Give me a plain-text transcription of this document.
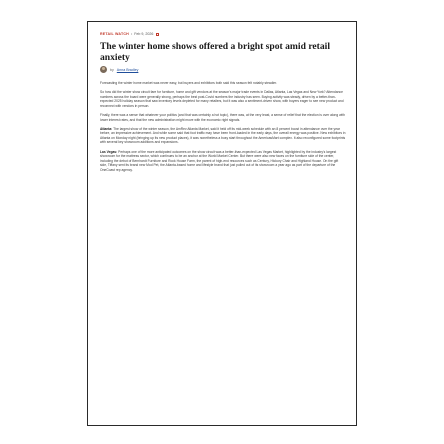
RETAIL WATCH • Feb 9, 2026
The winter home shows offered a bright spot amid retail anxiety
by Anna Bradley

Forecasting the winter home market was never easy, but buyers and exhibitors both said this season felt notably steadier.

So how did the winter show circuit fare for furniture, home and gift vendors at the season's major trade events in Dallas, Atlanta, Las Vegas and New York? Attendance numbers across the board were generally strong, perhaps the best post-Covid numbers the industry has seen. Buying activity was steady, driven by a better-than-expected 2025 holiday season that saw inventory levels depleted for many retailers, but it was also a sentiment-driven show, with buyers eager to see new product and reconnect with vendors in person.

Finally, there was a sense that whatever your politics (and that was certainly a hot topic), there was, at the very least, a sense of relief that the election is over along with lower interest rates, and that the new administration might move with the economic right signals.

Atlanta: The largest show of the winter season, the AmRev Atlanta Market, said it held off its mid-week schedule with an 8 percent boost in attendance over the year before, an impressive achievement. And while some said that foot traffic may have been front-loaded in the early days, the overall energy was positive. New exhibitors in Atlanta on Monday night (bringing up its new product places), it was nonetheless a busy start throughout the AmericasMart complex. It also reconfigured some footprints with several key showroom additions and expansions.

Las Vegas: Perhaps one of the more anticipated outcomes on the show circuit was a better-than-expected Las Vegas Market, highlighted by the industry's largest showroom for the mattress sector, which continues to be an anchor at the World Market Center. But there were also new faces on the furniture side of the center, including the debut of Bernhardt Furniture and Rock House Farm, the parent of high-end resources such as Century, Hickory Chair and Highland House. On the gift side, Tiffany sent its brand new Mod Pet, the Atlanta-based home and lifestyle brand that just pulled out of its showroom a year ago as part of the departure of the OneCoast rep agency.
